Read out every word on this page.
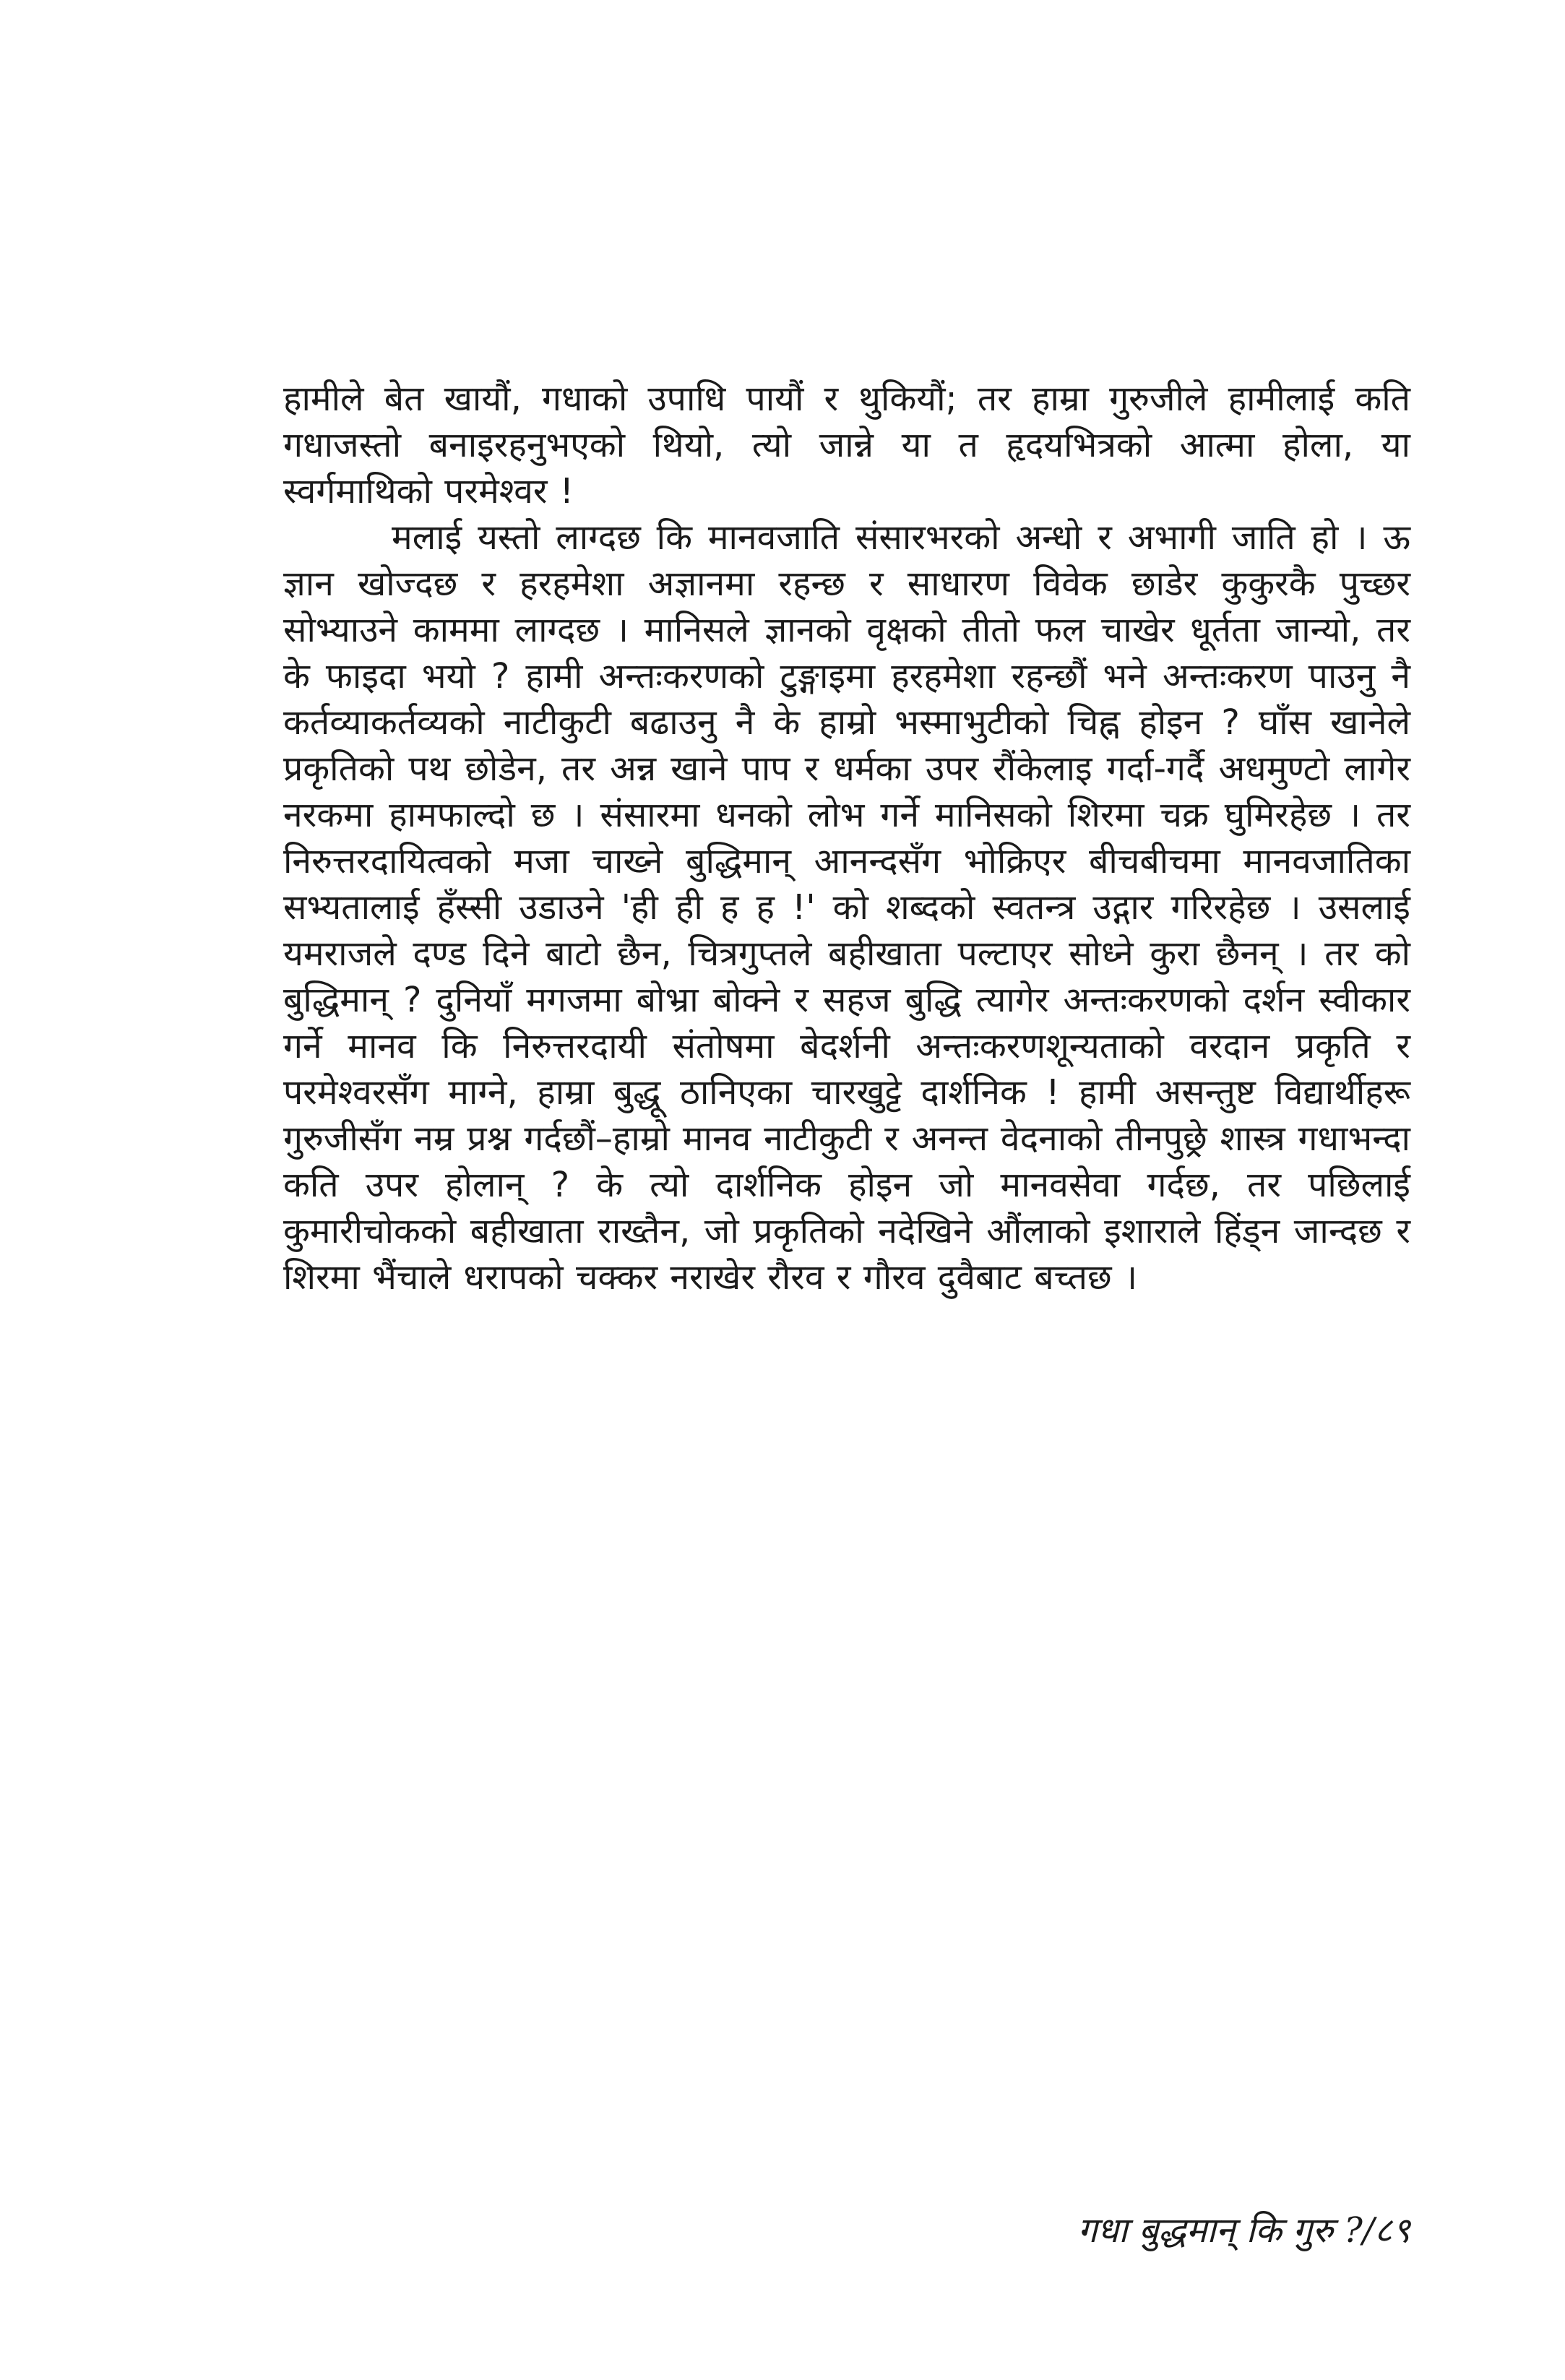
हामीले बेत खायौं, गधाको उपाधि पायौं र थुकियौं; तर हाम्रा गुरुजीले हामीलाई कति गधाजस्तो बनाइरहनुभएको थियो, त्यो जान्ने या त हृदयभित्रको आत्मा होला, या स्वर्गमाथिको परमेश्वर !

मलाई यस्तो लाग्दछ कि मानवजाति संसारभरको अन्धो र अभागी जाति हो । ऊ ज्ञान खोज्दछ र हरहमेशा अज्ञानमा रहन्छ र साधारण विवेक छाडेर कुकुरकै पुच्छर सोभ्याउने काममा लाग्दछ । मानिसले ज्ञानको वृक्षको तीतो फल चाखेर धूर्तता जान्यो, तर के फाइदा भयो ? हामी अन्तःकरणको टुङ्गाइमा हरहमेशा रहन्छौं भने अन्तःकरण पाउनु नै कर्तव्याकर्तव्यको नाटीकुटी बढाउनु नै के हाम्रो भस्माभुटीको चिह्न होइन ? घाँस खानेले प्रकृतिको पथ छोडेन, तर अन्न खाने पाप र धर्मका उपर रौंकेलाइ गर्दा-गर्दै अधमुण्टो लागेर नरकमा हामफाल्दो छ । संसारमा धनको लोभ गर्ने मानिसको शिरमा चक्र घुमिरहेछ । तर निरुत्तरदायित्वको मजा चाख्ने बुद्धिमान् आनन्दसँग भोक्रिएर बीचबीचमा मानवजातिका सभ्यतालाई हँस्सी उडाउने 'ही ही ह ह !' को शब्दको स्वतन्त्र उद्गार गरिरहेछ । उसलाई यमराजले दण्ड दिने बाटो छैन, चित्रगुप्तले बहीखाता पल्टाएर सोध्ने कुरा छैनन् । तर को बुद्धिमान् ? दुनियाँ मगजमा बोभ्रा बोक्ने र सहज बुद्धि त्यागेर अन्तःकरणको दर्शन स्वीकार गर्ने मानव कि निरुत्तरदायी संतोषमा बेदर्शनी अन्तःकरणशून्यताको वरदान प्रकृति र परमेश्वरसँग माग्ने, हाम्रा बुद्धू ठानिएका चारखुट्टे दार्शनिक ! हामी असन्तुष्ट विद्यार्थीहरू गुरुजीसँग नम्र प्रश्न गर्दछौं–हाम्रो मानव नाटीकुटी र अनन्त वेदनाको तीनपुछ्रे शास्त्र गधाभन्दा कति उपर होलान् ? के त्यो दार्शनिक होइन जो मानवसेवा गर्दछ, तर पछिलाई कुमारीचोकको बहीखाता राख्तैन, जो प्रकृतिको नदेखिने औंलाको इशाराले हिंड्न जान्दछ र शिरमा भैंचाले धरापको चक्कर नराखेर रौरव र गौरव दुवैबाट बच्तछ ।

गधा बुद्धमान् कि गुरु ?/८९
